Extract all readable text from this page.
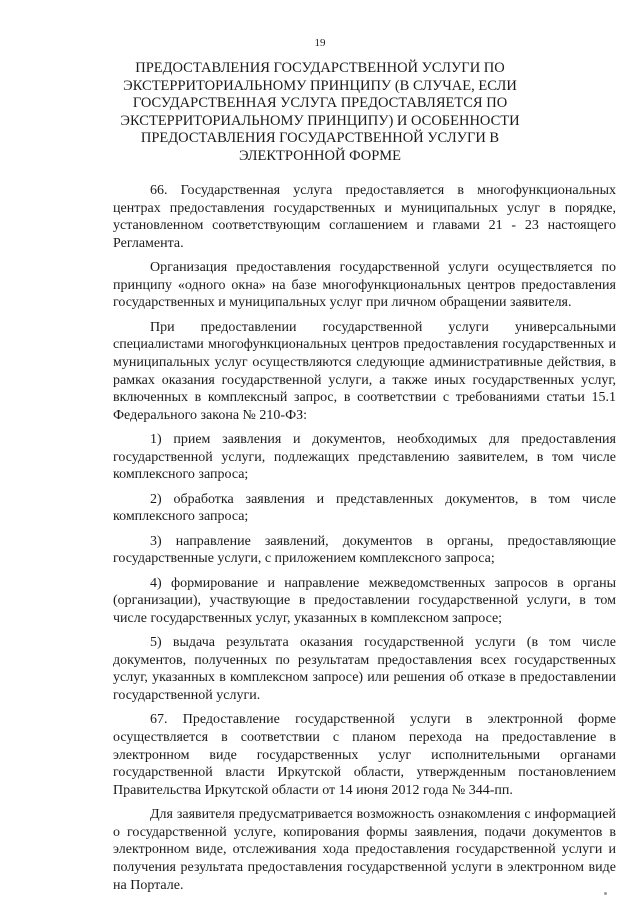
19
ПРЕДОСТАВЛЕНИЯ ГОСУДАРСТВЕННОЙ УСЛУГИ ПО ЭКСТЕРРИТОРИАЛЬНОМУ ПРИНЦИПУ (В СЛУЧАЕ, ЕСЛИ ГОСУДАРСТВЕННАЯ УСЛУГА ПРЕДОСТАВЛЯЕТСЯ ПО ЭКСТЕРРИТОРИАЛЬНОМУ ПРИНЦИПУ) И ОСОБЕННОСТИ ПРЕДОСТАВЛЕНИЯ ГОСУДАРСТВЕННОЙ УСЛУГИ В ЭЛЕКТРОННОЙ ФОРМЕ

66. Государственная услуга предоставляется в многофункциональных центрах предоставления государственных и муниципальных услуг в порядке, установленном соответствующим соглашением и главами 21 - 23 настоящего Регламента.

Организация предоставления государственной услуги осуществляется по принципу «одного окна» на базе многофункциональных центров предоставления государственных и муниципальных услуг при личном обращении заявителя.

При предоставлении государственной услуги универсальными специалистами многофункциональных центров предоставления государственных и муниципальных услуг осуществляются следующие административные действия, в рамках оказания государственной услуги, а также иных государственных услуг, включенных в комплексный запрос, в соответствии с требованиями статьи 15.1 Федерального закона № 210-ФЗ:

1) прием заявления и документов, необходимых для предоставления государственной услуги, подлежащих представлению заявителем, в том числе комплексного запроса;

2) обработка заявления и представленных документов, в том числе комплексного запроса;

3) направление заявлений, документов в органы, предоставляющие государственные услуги, с приложением комплексного запроса;

4) формирование и направление межведомственных запросов в органы (организации), участвующие в предоставлении государственной услуги, в том числе государственных услуг, указанных в комплексном запросе;

5) выдача результата оказания государственной услуги (в том числе документов, полученных по результатам предоставления всех государственных услуг, указанных в комплексном запросе) или решения об отказе в предоставлении государственной услуги.

67. Предоставление государственной услуги в электронной форме осуществляется в соответствии с планом перехода на предоставление в электронном виде государственных услуг исполнительными органами государственной власти Иркутской области, утвержденным постановлением Правительства Иркутской области от 14 июня 2012 года № 344-пп.

Для заявителя предусматривается возможность ознакомления с информацией о государственной услуге, копирования формы заявления, подачи документов в электронном виде, отслеживания хода предоставления государственной услуги и получения результата предоставления государственной услуги в электронном виде на Портале.
